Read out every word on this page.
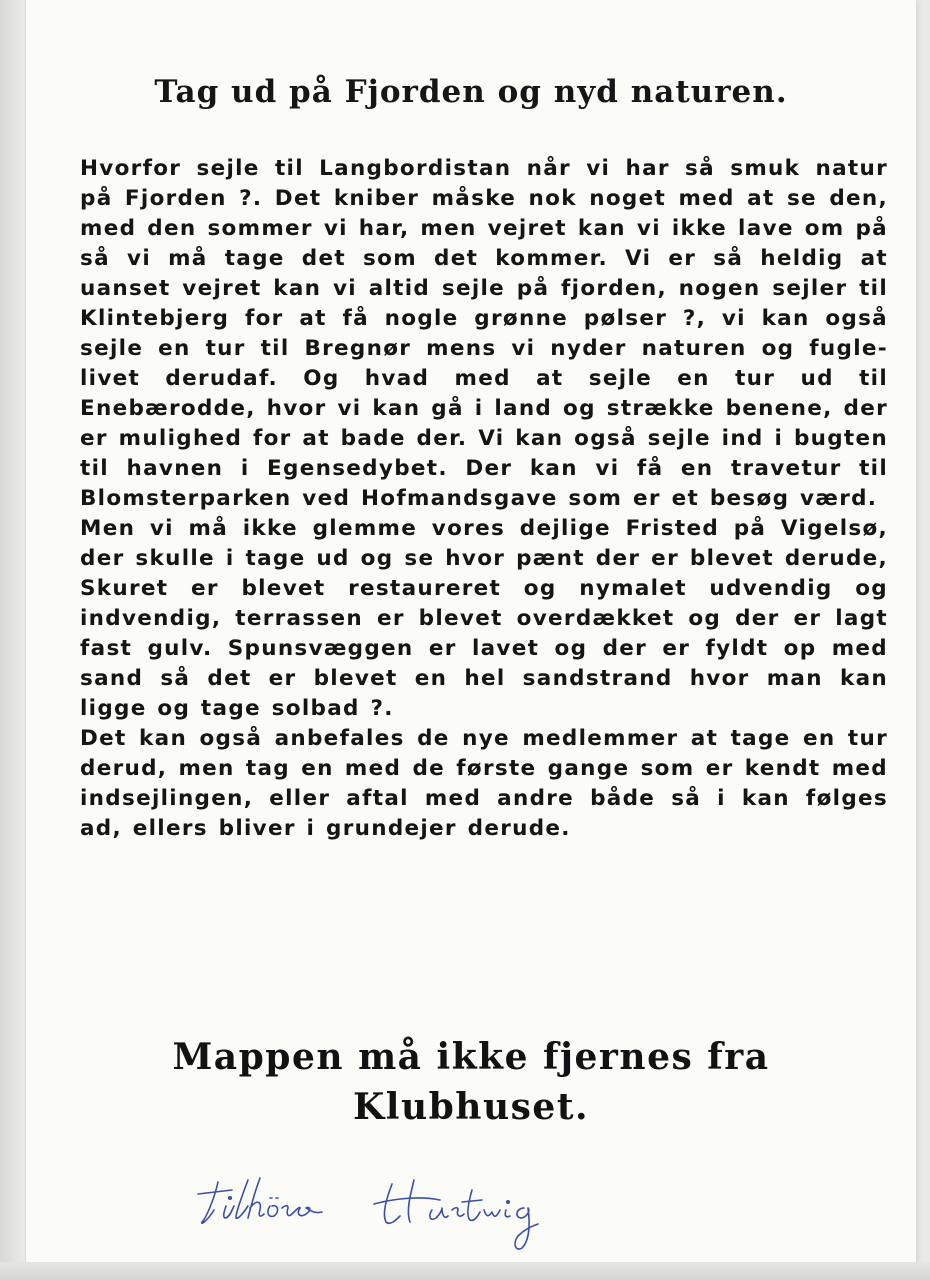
Tag ud på Fjorden og nyd naturen.

Hvorfor sejle til Langbordistan når vi har så smuk natur på Fjorden ?. Det kniber måske nok noget med at se den, med den sommer vi har, men vejret kan vi ikke lave om på så vi må tage det som det kommer. Vi er så heldig at uanset vejret kan vi altid sejle på fjorden, nogen sejler til Klintebjerg for at få nogle grønne pølser ?, vi kan også sejle en tur til Bregnør mens vi nyder naturen og fugle-livet derudaf. Og hvad med at sejle en tur ud til Enebærodde, hvor vi kan gå i land og strække benene, der er mulighed for at bade der. Vi kan også sejle ind i bugten til havnen i Egensedybet. Der kan vi få en travetur til Blomsterparken ved Hofmandsgave som er et besøg værd.

Men vi må ikke glemme vores dejlige Fristed på Vigelsø, der skulle i tage ud og se hvor pænt der er blevet derude, Skuret er blevet restaureret og nymalet udvendig og indvendig, terrassen er blevet overdækket og der er lagt fast gulv. Spunsvæggen er lavet og der er fyldt op med sand så det er blevet en hel sandstrand hvor man kan ligge og tage solbad ?.

Det kan også anbefales de nye medlemmer at tage en tur derud, men tag en med de første gange som er kendt med indsejlingen, eller aftal med andre både så i kan følges ad, ellers bliver i grundejer derude.

Mappen må ikke fjernes fra
Klubhuset.
